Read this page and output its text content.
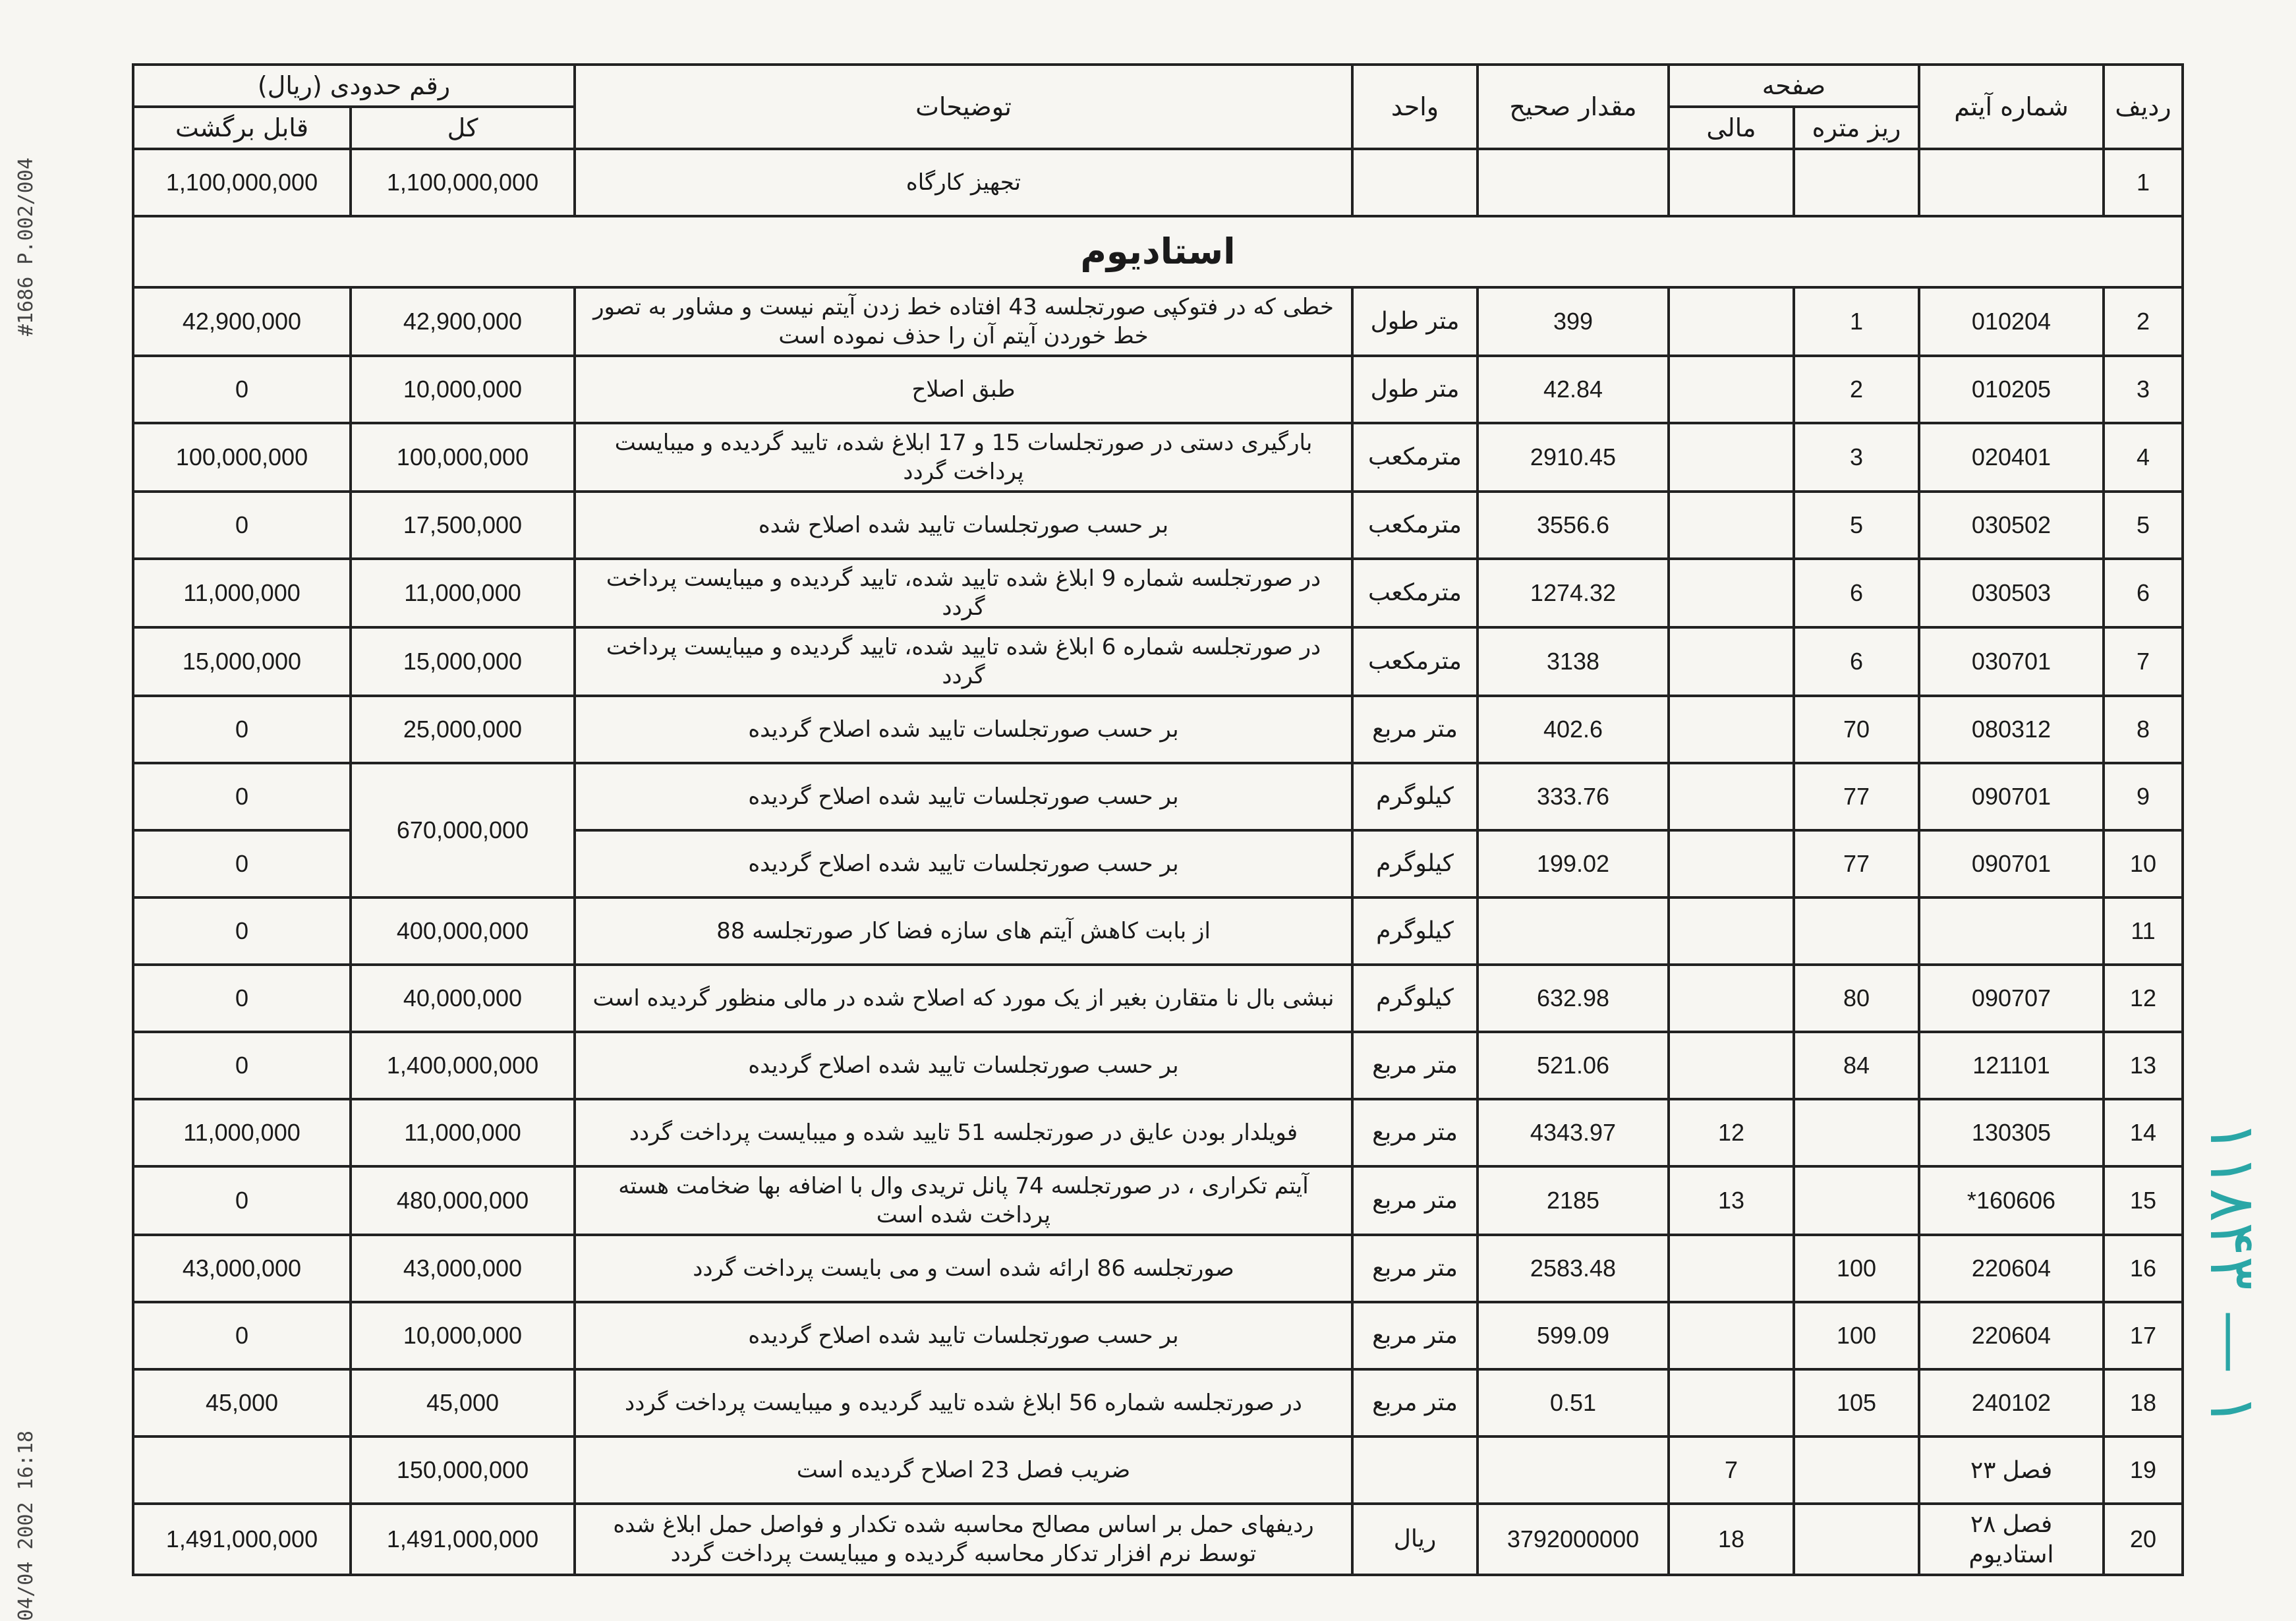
#1686 P.002/004
04/04 2002 16:18
۱۱۸۴۳ — ۱
ردیف	شماره آیتم	صفحه		مقدار صحیح	واحد	توضیحات	رقم حدودی (ریال)	
		ریز متره	مالی				کل	قابل برگشت
1						تجهیز کارگاه	1,100,000,000	1,100,000,000
استادیوم								
2	010204	1		399	متر طول	خطی که در فتوکپی صورتجلسه 43 افتاده خط زدن آیتم نیست و مشاور به تصور خط خوردن آیتم آن را حذف نموده است	42,900,000	42,900,000
3	010205	2		42.84	متر طول	طبق اصلاح	10,000,000	0
4	020401	3		2910.45	مترمکعب	بارگیری دستی در صورتجلسات 15 و 17 ابلاغ شده، تایید گردیده و میبایست پرداخت گردد	100,000,000	100,000,000
5	030502	5		3556.6	مترمکعب	بر حسب صورتجلسات تایید شده اصلاح شده	17,500,000	0
6	030503	6		1274.32	مترمکعب	در صورتجلسه شماره 9 ابلاغ شده تایید شده، تایید گردیده و میبایست پرداخت گردد	11,000,000	11,000,000
7	030701	6		3138	مترمکعب	در صورتجلسه شماره 6 ابلاغ شده تایید شده، تایید گردیده و میبایست پرداخت گردد	15,000,000	15,000,000
8	080312	70		402.6	متر مربع	بر حسب صورتجلسات تایید شده اصلاح گردیده	25,000,000	0
9	090701	77		333.76	کیلوگرم	بر حسب صورتجلسات تایید شده اصلاح گردیده	670,000,000	0
10	090701	77		199.02	کیلوگرم	بر حسب صورتجلسات تایید شده اصلاح گردیده		0
11					کیلوگرم	از بابت کاهش آیتم های سازه فضا کار صورتجلسه 88	400,000,000	0
12	090707	80		632.98	کیلوگرم	نبشی بال نا متقارن بغیر از یک مورد که اصلاح شده در مالی منظور گردیده است	40,000,000	0
13	121101	84		521.06	متر مربع	بر حسب صورتجلسات تایید شده اصلاح گردیده	1,400,000,000	0
14	130305		12	4343.97	متر مربع	فویلدار بودن عایق در صورتجلسه 51 تایید شده و میبایست پرداخت گردد	11,000,000	11,000,000
15	160606*		13	2185	متر مربع	آیتم تکراری ، در صورتجلسه 74 پانل تریدی وال با اضافه بها ضخامت هسته پرداخت شده است	480,000,000	0
16	220604	100		2583.48	متر مربع	صورتجلسه 86 ارائه شده است و می بایست پرداخت گردد	43,000,000	43,000,000
17	220604	100		599.09	متر مربع	بر حسب صورتجلسات تایید شده اصلاح گردیده	10,000,000	0
18	240102	105		0.51	متر مربع	در صورتجلسه شماره 56 ابلاغ شده تایید گردیده و میبایست پرداخت گردد	45,000	45,000
19	فصل ۲۳		7			ضریب فصل 23 اصلاح گردیده است	150,000,000	
20	فصل ۲۸ استادیوم		18	3792000000	ریال	ردیفهای حمل بر اساس مصالح محاسبه شده تکدار و فواصل حمل ابلاغ شده توسط نرم افزار تدکار محاسبه گردیده و میبایست پرداخت گردد	1,491,000,000	1,491,000,000
